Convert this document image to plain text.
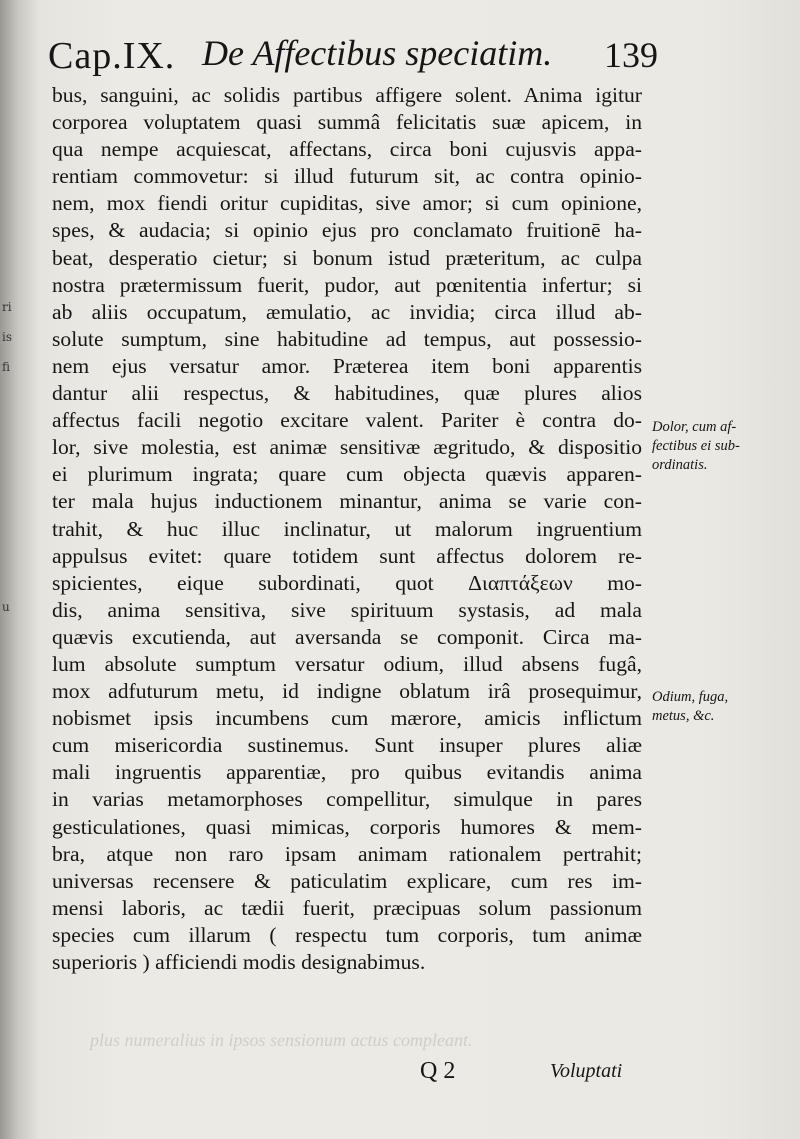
ri
is
fi
u
Cap.IX. De Affectibus speciatim. 139

bus, sanguini, ac solidis partibus affigere solent. Anima igitur

corporea voluptatem quasi summâ felicitatis suæ apicem, in

qua nempe acquiescat, affectans, circa boni cujusvis appa-

rentiam commovetur: si illud futurum sit, ac contra opinio-

nem, mox fiendi oritur cupiditas, sive amor; si cum opinione,

spes, & audacia; si opinio ejus pro conclamato fruitionē ha-

beat, desperatio cietur; si bonum istud præteritum, ac culpa

nostra prætermissum fuerit, pudor, aut pœnitentia infertur; si

ab aliis occupatum, æmulatio, ac invidia; circa illud ab-

solute sumptum, sine habitudine ad tempus, aut possessio-

nem ejus versatur amor. Præterea item boni apparentis

dantur alii respectus, & habitudines, quæ plures alios

affectus facili negotio excitare valent. Pariter è contra do-

lor, sive molestia, est animæ sensitivæ ægritudo, & dispositio

ei plurimum ingrata; quare cum objecta quævis apparen-

ter mala hujus inductionem minantur, anima se varie con-

trahit, & huc illuc inclinatur, ut malorum ingruentium

appulsus evitet: quare totidem sunt affectus dolorem re-

spicientes, eique subordinati, quot Διαπτάξεων mo-

dis, anima sensitiva, sive spirituum systasis, ad mala

quævis excutienda, aut aversanda se componit. Circa ma-

lum absolute sumptum versatur odium, illud absens fugâ,

mox adfuturum metu, id indigne oblatum irâ prosequimur,

nobismet ipsis incumbens cum mærore, amicis inflictum

cum misericordia sustinemus. Sunt insuper plures aliæ

mali ingruentis apparentiæ, pro quibus evitandis anima

in varias metamorphoses compellitur, simulque in pares

gesticulationes, quasi mimicas, corporis humores & mem-

bra, atque non raro ipsam animam rationalem pertrahit;

universas recensere & paticulatim explicare, cum res im-

mensi laboris, ac tædii fuerit, præcipuas solum passionum

species cum illarum ( respectu tum corporis, tum animæ

superioris ) afficiendi modis designabimus.

Dolor, cum af-
fectibus ei sub-
ordinatis.
Odium, fuga,
metus, &c.
plus numeralius in ipsos sensionum actus compleant.
Q 2	Voluptati
